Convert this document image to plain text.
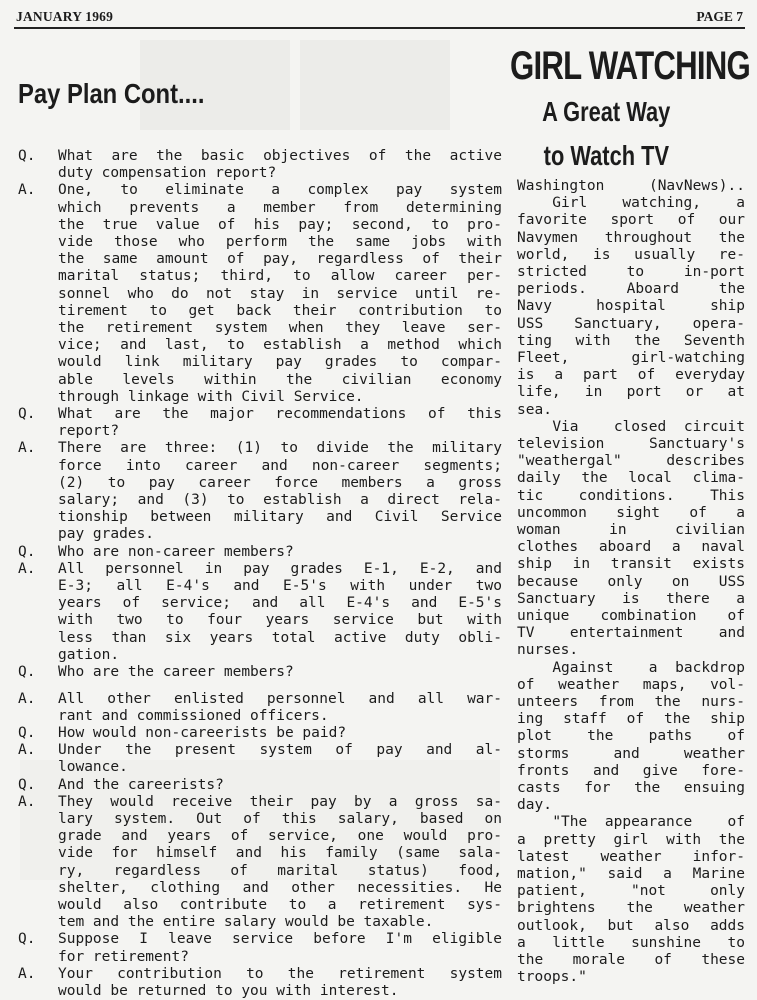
JANUARY 1969	PAGE 7
Pay Plan Cont....
GIRL WATCHING
A Great Way
to Watch TV
Q. What are the basic objectives of the active
duty compensation report?
A. One, to eliminate a complex pay system
which prevents a member from determining
the true value of his pay; second, to pro-
vide those who perform the same jobs with
the same amount of pay, regardless of their
marital status; third, to allow career per-
sonnel who do not stay in service until re-
tirement to get back their contribution to
the retirement system when they leave ser-
vice; and last, to establish a method which
would link military pay grades to compar-
able levels within the civilian economy
through linkage with Civil Service.
Q. What are the major recommendations of this
report?
A. There are three: (1) to divide the military
force into career and non-career segments;
(2) to pay career force members a gross
salary; and (3) to establish a direct rela-
tionship between military and Civil Service
pay grades.
Q. Who are non-career members?
A. All personnel in pay grades E-1, E-2, and
E-3; all E-4's and E-5's with under two
years of service; and all E-4's and E-5's
with two to four years service but with
less than six years total active duty obli-
gation.
Q. Who are the career members?
A. All other enlisted personnel and all war-
rant and commissioned officers.
Q. How would non-careerists be paid?
A. Under the present system of pay and al-
lowance.
Q. And the careerists?
A. They would receive their pay by a gross sa-
lary system. Out of this salary, based on
grade and years of service, one would pro-
vide for himself and his family (same sala-
ry, regardless of marital status) food,
shelter, clothing and other necessities. He
would also contribute to a retirement sys-
tem and the entire salary would be taxable.
Q. Suppose I leave service before I'm eligible
for retirement?
A. Your contribution to the retirement system
would be returned to you with interest.
Washington (NavNews)..
Girl  watching,  a
favorite sport of our
Navymen throughout the
world, is usually re-
stricted to in-port
periods. Aboard the
Navy hospital ship
USS Sanctuary, opera-
ting with the Seventh
Fleet, girl-watching
is a part of everyday
life, in port or at
sea.
Via  closed circuit
television Sanctuary's
"weathergal" describes
daily the local clima-
tic conditions. This
uncommon sight of a
woman in civilian
clothes aboard a naval
ship in transit exists
because only on USS
Sanctuary is there a
unique combination of
TV entertainment and
nurses.
Against  a backdrop
of weather maps, vol-
unteers from the nurs-
ing staff of the ship
plot the paths of
storms and weather
fronts and give fore-
casts for the ensuing
day.
"The appearance  of
a pretty girl with the
latest weather infor-
mation," said a Marine
patient, "not only
brightens the weather
outlook, but also adds
a little sunshine to
the morale of these
troops."
